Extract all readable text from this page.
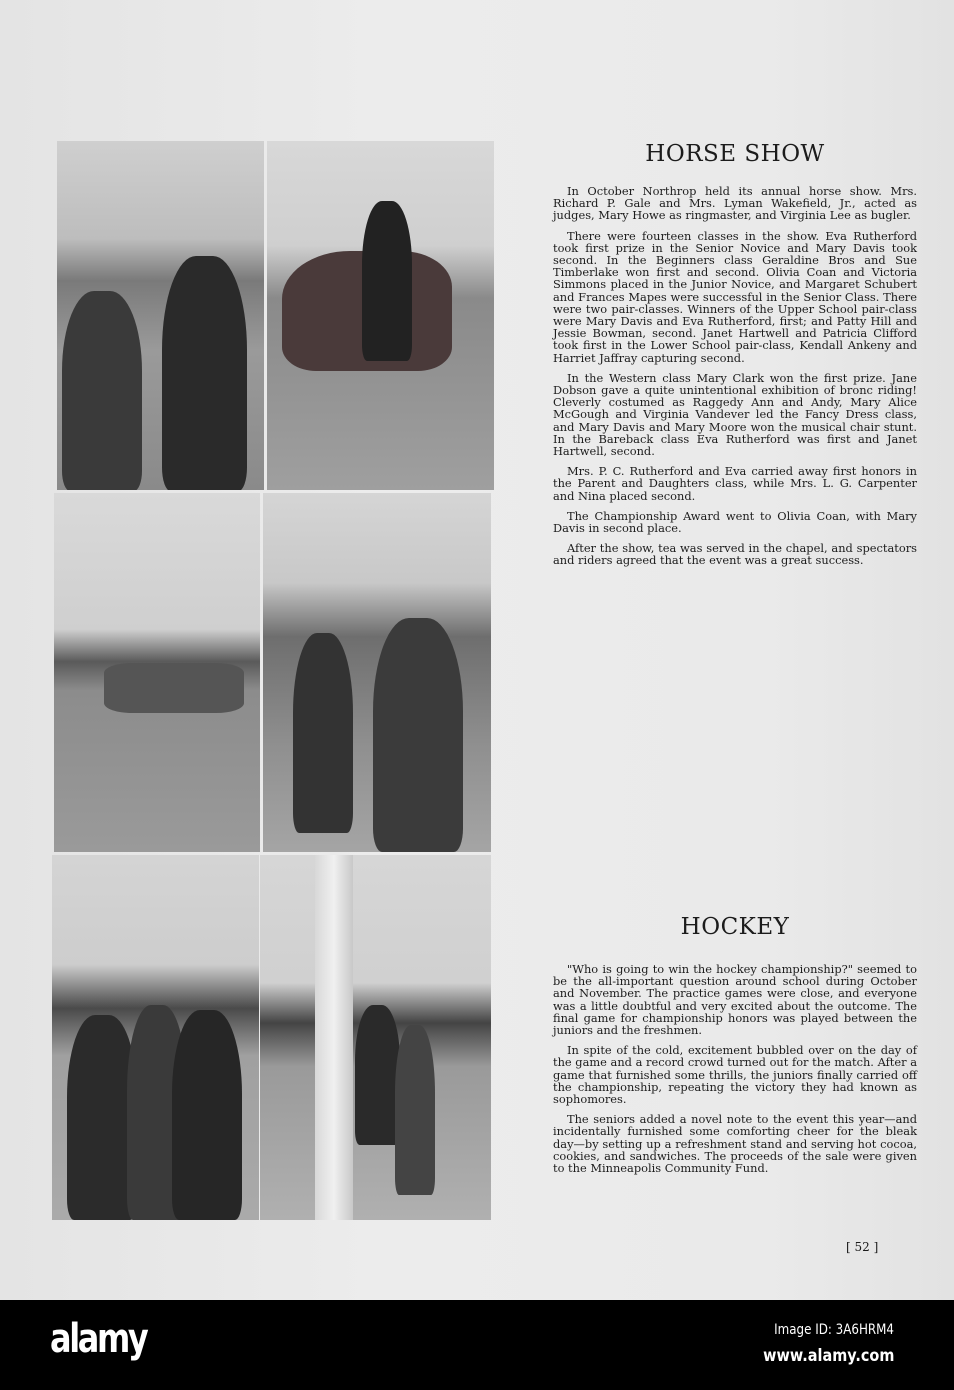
HORSE SHOW

In October Northrop held its annual horse show. Mrs. Richard P. Gale and Mrs. Lyman Wakefield, Jr., acted as judges, Mary Howe as ringmaster, and Virginia Lee as bugler.

There were fourteen classes in the show. Eva Rutherford took first prize in the Senior Novice and Mary Davis took second. In the Beginners class Geraldine Bros and Sue Timberlake won first and second. Olivia Coan and Victoria Simmons placed in the Junior Novice, and Margaret Schubert and Frances Mapes were successful in the Senior Class. There were two pair-classes. Winners of the Upper School pair-class were Mary Davis and Eva Rutherford, first; and Patty Hill and Jessie Bowman, second. Janet Hartwell and Patricia Clifford took first in the Lower School pair-class, Kendall Ankeny and Harriet Jaffray capturing second.

In the Western class Mary Clark won the first prize. Jane Dobson gave a quite unintentional exhibition of bronc riding! Cleverly costumed as Raggedy Ann and Andy, Mary Alice McGough and Virginia Vandever led the Fancy Dress class, and Mary Davis and Mary Moore won the musical chair stunt. In the Bareback class Eva Rutherford was first and Janet Hartwell, second.

Mrs. P. C. Rutherford and Eva carried away first honors in the Parent and Daughters class, while Mrs. L. G. Carpenter and Nina placed second.

The Championship Award went to Olivia Coan, with Mary Davis in second place.

After the show, tea was served in the chapel, and spectators and riders agreed that the event was a great success.

HOCKEY

"Who is going to win the hockey championship?" seemed to be the all-important question around school during October and November. The practice games were close, and everyone was a little doubtful and very excited about the outcome. The final game for championship honors was played between the juniors and the freshmen.

In spite of the cold, excitement bubbled over on the day of the game and a record crowd turned out for the match. After a game that furnished some thrills, the juniors finally carried off the championship, repeating the victory they had known as sophomores.

The seniors added a novel note to the event this year—and incidentally furnished some comforting cheer for the bleak day—by setting up a refreshment stand and serving hot cocoa, cookies, and sandwiches. The proceeds of the sale were given to the Minneapolis Community Fund.

[ 52 ]
alamy	Image ID: 3A6HRM4
www.alamy.com
